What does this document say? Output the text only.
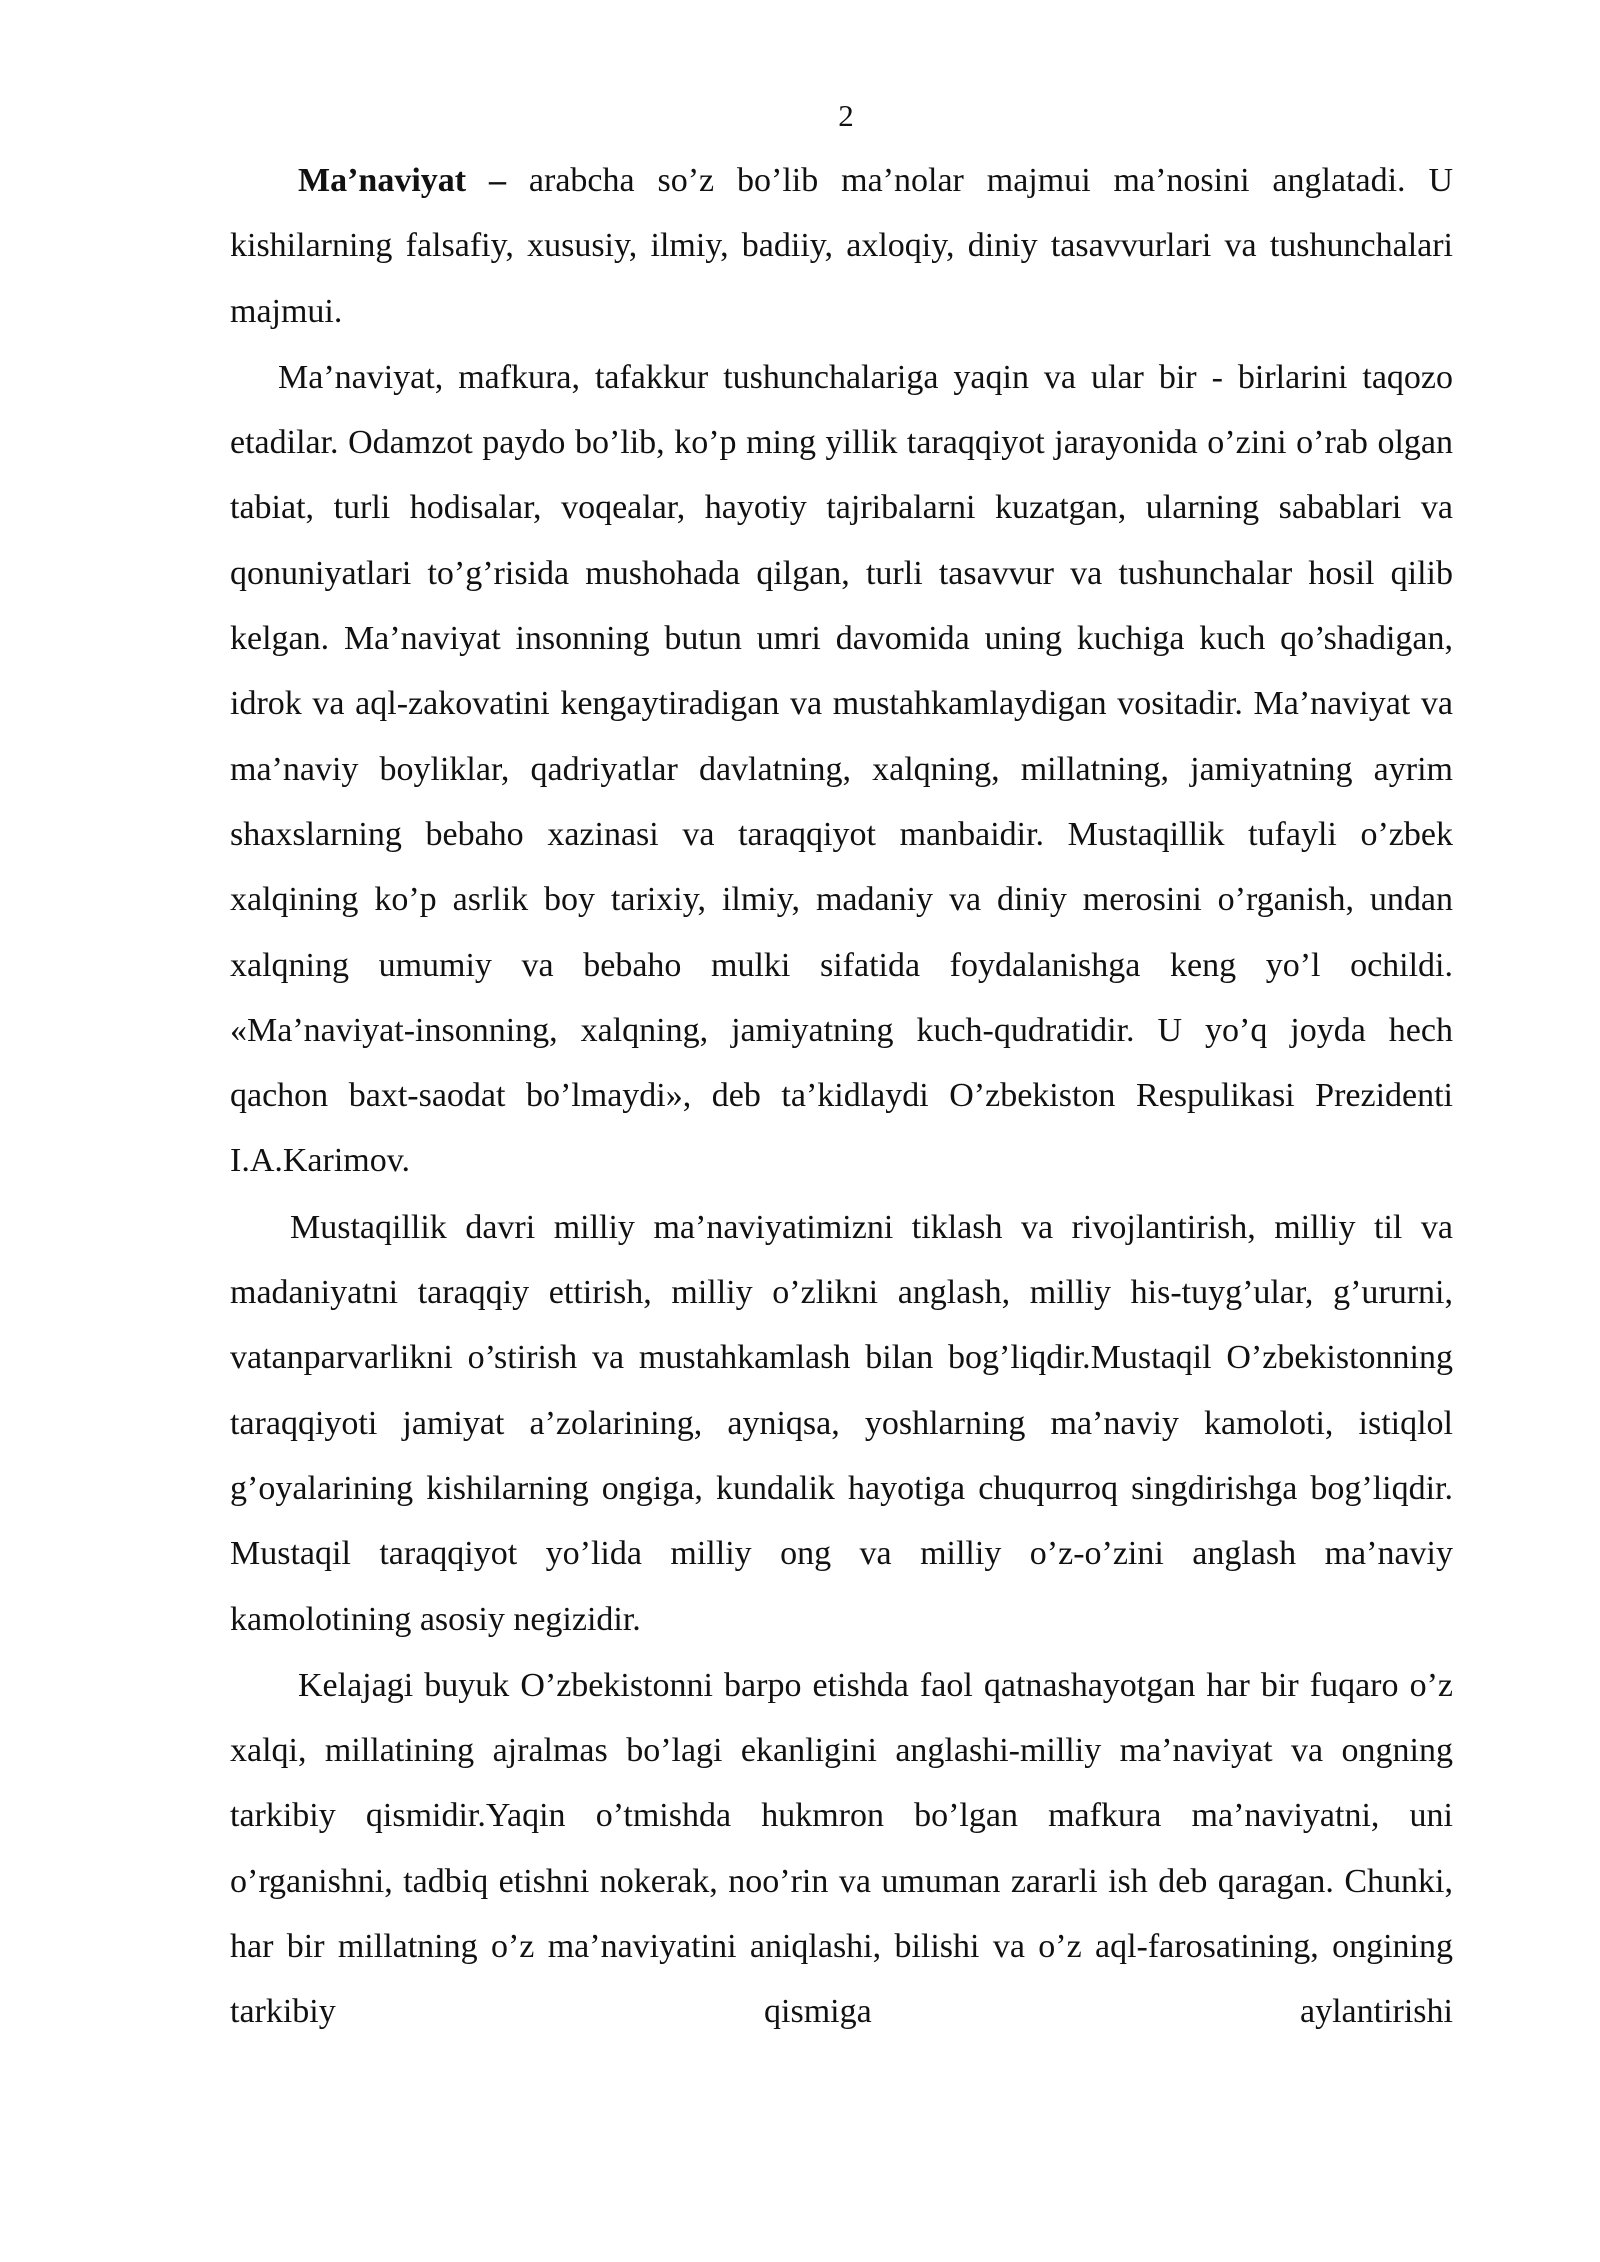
2

Ma’naviyat – arabcha so’z bo’lib ma’nolar majmui ma’nosini anglatadi. U kishilarning falsafiy, xususiy, ilmiy, badiiy, axloqiy, diniy tasavvurlari va tushunchalari majmui.

Ma’naviyat, mafkura, tafakkur tushunchalariga yaqin va ular bir - birlarini taqozo etadilar. Odamzot paydo bo’lib, ko’p ming yillik taraqqiyot jarayonida o’zini o’rab olgan tabiat, turli hodisalar, voqealar, hayotiy tajribalarni kuzatgan, ularning sabablari va qonuniyatlari to’g’risida mushohada qilgan, turli tasavvur va tushunchalar hosil qilib kelgan. Ma’naviyat insonning butun umri davomida uning kuchiga kuch qo’shadigan, idrok va aql-zakovatini kengaytiradigan va mustahkamlaydigan vositadir. Ma’naviyat va ma’naviy boyliklar, qadriyatlar davlatning, xalqning, millatning, jamiyatning ayrim shaxslarning bebaho xazinasi va taraqqiyot manbaidir. Mustaqillik tufayli o’zbek xalqining ko’p asrlik boy tarixiy, ilmiy, madaniy va diniy merosini o’rganish, undan xalqning umumiy va bebaho mulki sifatida foydalanishga keng yo’l ochildi. «Ma’naviyat-insonning, xalqning, jamiyatning kuch-qudratidir. U yo’q joyda hech qachon baxt-saodat bo’lmaydi», deb ta’kidlaydi O’zbekiston Respulikasi Prezidenti I.A.Karimov.

Mustaqillik davri milliy ma’naviyatimizni tiklash va rivojlantirish, milliy til va madaniyatni taraqqiy ettirish, milliy o’zlikni anglash, milliy his-tuyg’ular, g’ururni, vatanparvarlikni o’stirish va mustahkamlash bilan bog’liqdir.Mustaqil O’zbekistonning taraqqiyoti jamiyat a’zolarining, ayniqsa, yoshlarning ma’naviy kamoloti, istiqlol g’oyalarining kishilarning ongiga, kundalik hayotiga chuqurroq singdirishga bog’liqdir. Mustaqil taraqqiyot yo’lida milliy ong va milliy o’z-o’zini anglash ma’naviy kamolotining asosiy negizidir.

Kelajagi buyuk O’zbekistonni barpo etishda faol qatnashayotgan har bir fuqaro o’z xalqi, millatining ajralmas bo’lagi ekanligini anglashi-milliy ma’naviyat va ongning tarkibiy qismidir.Yaqin o’tmishda hukmron bo’lgan mafkura ma’naviyatni, uni o’rganishni, tadbiq etishni nokerak, noo’rin va umuman zararli ish deb qaragan. Chunki, har bir millatning o’z ma’naviyatini aniqlashi, bilishi va o’z aql-farosatining, ongining tarkibiy qismiga aylantirishi
